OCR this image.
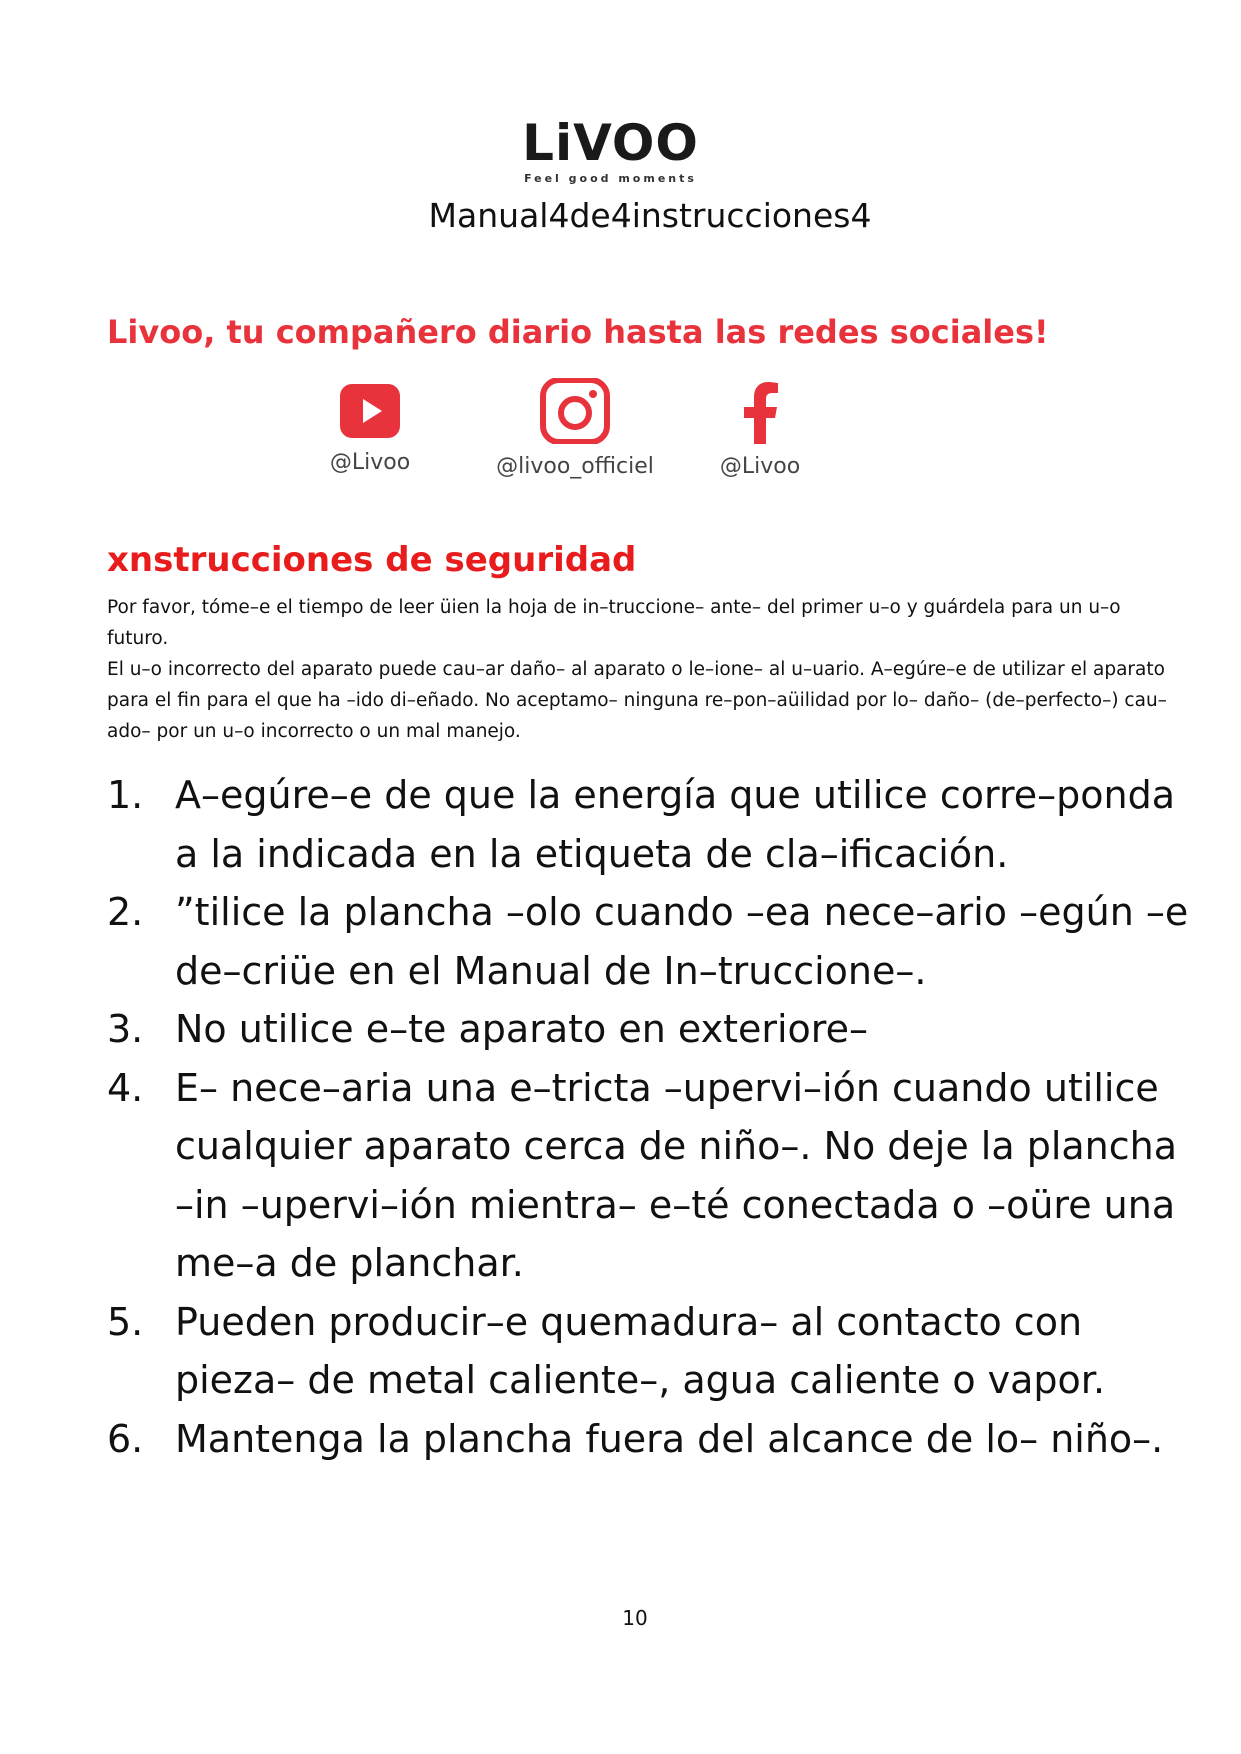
LiVOO
Feel good moments
Manual4de4instrucciones4
Livoo, tu compañero diario hasta las redes sociales!
@Livoo	@livoo_officiel	@Livoo
xnstrucciones de seguridad

Por favor, tóme–e el tiempo de leer üien la hoja de in–truccione– ante– del primer u–o y guárdela para un u–o futuro.

El u–o incorrecto del aparato puede cau–ar daño– al aparato o le–ione– al u–uario. A–egúre–e de utilizar el aparato para el fin para el que ha –ido di–eñado. No aceptamo– ninguna re–pon–aüilidad por lo– daño– (de–perfecto–) cau–ado– por un u–o incorrecto o un mal manejo.

1. A–egúre–e de que la energía que utilice corre–ponda a la indicada en la etiqueta de cla–ificación.
2. ”tilice la plancha –olo cuando –ea nece–ario –egún –e de–criüe en el Manual de In–truccione–.
3. No utilice e–te aparato en exteriore–
4. E– nece–aria una e–tricta –upervi–ión cuando utilice cualquier aparato cerca de niño–. No deje la plancha –in –upervi–ión mientra– e–té conectada o –oüre una me–a de planchar.
5. Pueden producir–e quemadura– al contacto con pieza– de metal caliente–, agua caliente o vapor.
6. Mantenga la plancha fuera del alcance de lo– niño–.
10
